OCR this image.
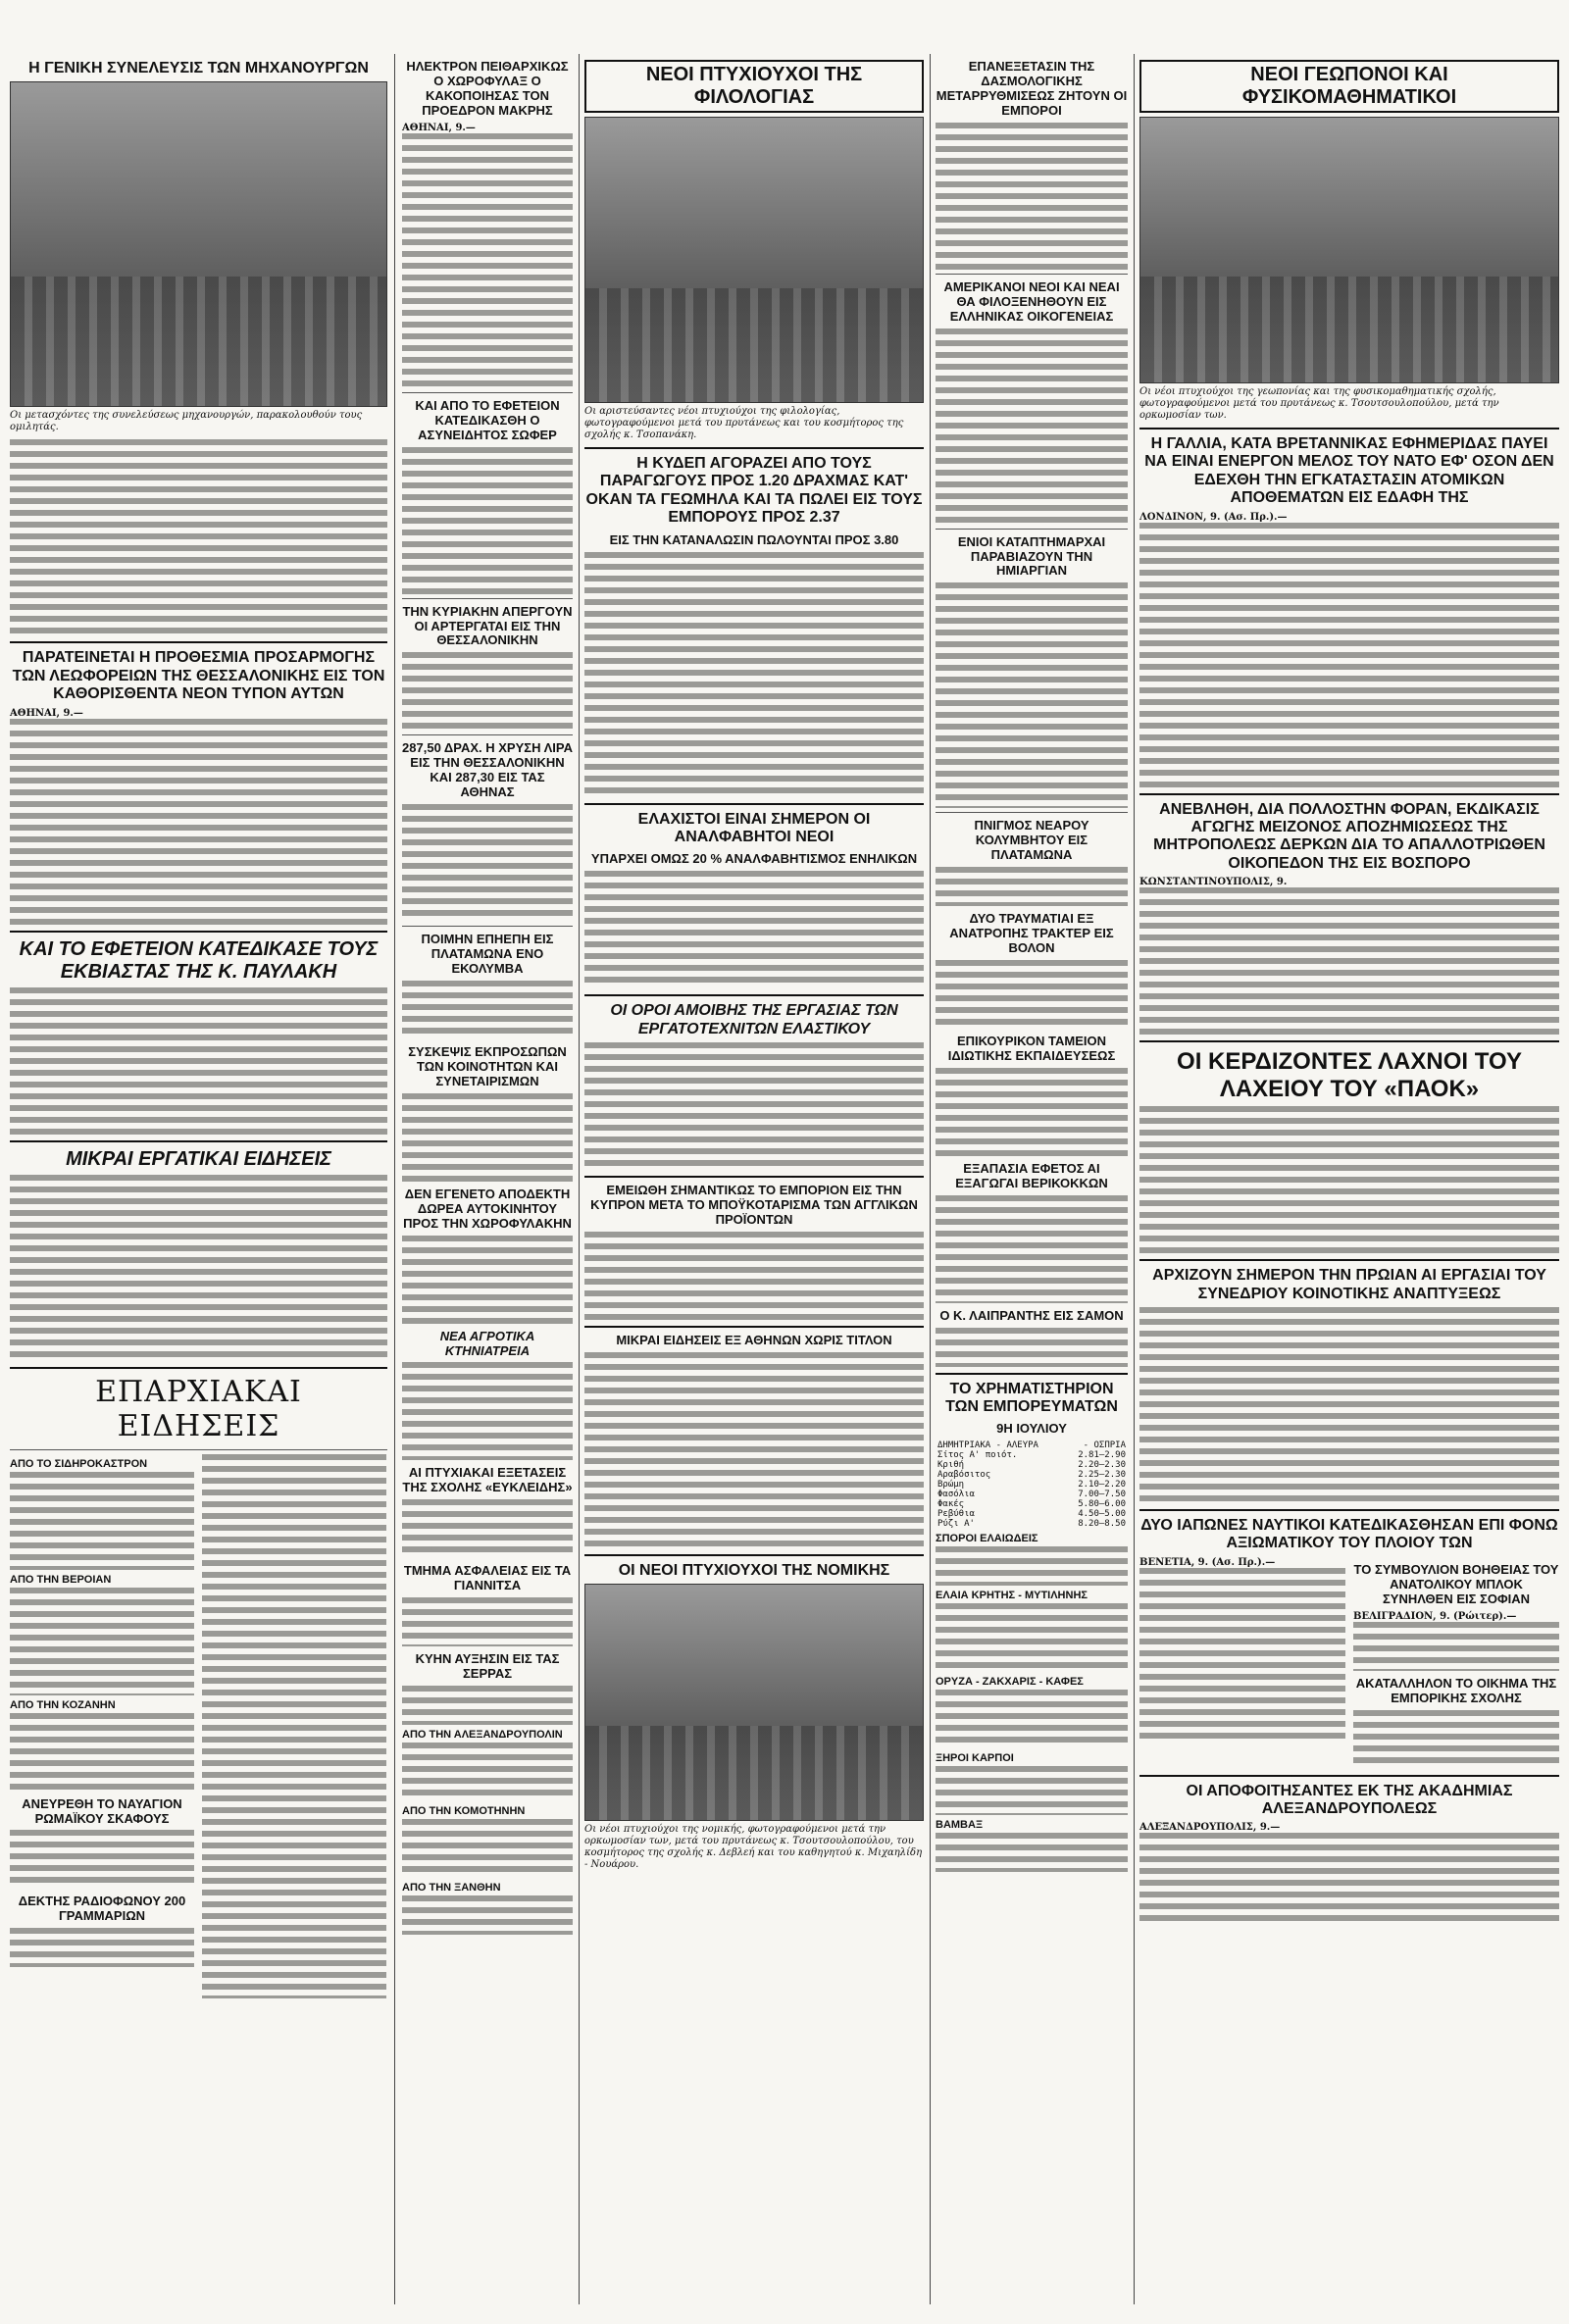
Η ΓΕΝΙΚΗ ΣΥΝΕΛΕΥΣΙΣ ΤΩΝ ΜΗΧΑΝΟΥΡΓΩΝ
Οι μετασχόντες της συνελεύσεως μηχανουργών, παρακολουθούν τους ομιλητάς.
ΠΑΡΑΤΕΙΝΕΤΑΙ Η ΠΡΟΘΕΣΜΙΑ ΠΡΟΣΑΡΜΟΓΗΣ ΤΩΝ ΛΕΩΦΟΡΕΙΩΝ ΤΗΣ ΘΕΣΣΑΛΟΝΙΚΗΣ ΕΙΣ ΤΟΝ ΚΑΘΟΡΙΣΘΕΝΤΑ ΝΕΟΝ ΤΥΠΟΝ ΑΥΤΩΝ
ΑΘΗΝΑΙ, 9.—
ΚΑΙ ΤΟ ΕΦΕΤΕΙΟΝ ΚΑΤΕΔΙΚΑΣΕ ΤΟΥΣ ΕΚΒΙΑΣΤΑΣ ΤΗΣ Κ. ΠΑΥΛΑΚΗ
ΜΙΚΡΑΙ ΕΡΓΑΤΙΚΑΙ ΕΙΔΗΣΕΙΣ
ΕΠΑΡΧΙΑΚΑΙ ΕΙΔΗΣΕΙΣ
ΑΠΟ ΤΟ ΣΙΔΗΡΟΚΑΣΤΡΟΝ
ΑΠΟ ΤΗΝ ΒΕΡΟΙΑΝ
ΑΠΟ ΤΗΝ ΚΟΖΑΝΗΝ
ΑΝΕΥΡΕΘΗ ΤΟ ΝΑΥΑΓΙΟΝ ΡΩΜΑΪΚΟΥ ΣΚΑΦΟΥΣ
ΔΕΚΤΗΣ ΡΑΔΙΟΦΩΝΟΥ 200 ΓΡΑΜΜΑΡΙΩΝ
ΗΛΕΚΤΡΟΝ ΠΕΙΘΑΡΧΙΚΩΣ Ο ΧΩΡΟΦΥΛΑΞ Ο ΚΑΚΟΠΟΙΗΣΑΣ ΤΟΝ ΠΡΟΕΔΡΟΝ ΜΑΚΡΗΣ
ΑΘΗΝΑΙ, 9.—
ΚΑΙ ΑΠΟ ΤΟ ΕΦΕΤΕΙΟΝ ΚΑΤΕΔΙΚΑΣΘΗ Ο ΑΣΥΝΕΙΔΗΤΟΣ ΣΩΦΕΡ
ΤΗΝ ΚΥΡΙΑΚΗΝ ΑΠΕΡΓΟΥΝ ΟΙ ΑΡΤΕΡΓΑΤΑΙ ΕΙΣ ΤΗΝ ΘΕΣΣΑΛΟΝΙΚΗΝ
287,50 ΔΡΑΧ. Η ΧΡΥΣΗ ΛΙΡΑ ΕΙΣ ΤΗΝ ΘΕΣΣΑΛΟΝΙΚΗΝ ΚΑΙ 287,30 ΕΙΣ ΤΑΣ ΑΘΗΝΑΣ
ΠΟΙΜΗΝ ΕΠΗΕΠΗ ΕΙΣ ΠΛΑΤΑΜΩΝΑ ΕΝΟ ΕΚΟΛΥΜΒΑ
ΣΥΣΚΕΨΙΣ ΕΚΠΡΟΣΩΠΩΝ ΤΩΝ ΚΟΙΝΟΤΗΤΩΝ ΚΑΙ ΣΥΝΕΤΑΙΡΙΣΜΩΝ
ΔΕΝ ΕΓΕΝΕΤΟ ΑΠΟΔΕΚΤΗ ΔΩΡΕΑ ΑΥΤΟΚΙΝΗΤΟΥ ΠΡΟΣ ΤΗΝ ΧΩΡΟΦΥΛΑΚΗΝ
ΝΕΑ ΑΓΡΟΤΙΚΑ ΚΤΗΝΙΑΤΡΕΙΑ
ΑΙ ΠΤΥΧΙΑΚΑΙ ΕΞΕΤΑΣΕΙΣ ΤΗΣ ΣΧΟΛΗΣ «ΕΥΚΛΕΙΔΗΣ»
ΤΜΗΜΑ ΑΣΦΑΛΕΙΑΣ ΕΙΣ ΤΑ ΓΙΑΝΝΙΤΣΑ
ΚΥΗΝ ΑΥΞΗΣΙΝ ΕΙΣ ΤΑΣ ΣΕΡΡΑΣ
ΑΠΟ ΤΗΝ ΑΛΕΞΑΝΔΡΟΥΠΟΛΙΝ
ΑΠΟ ΤΗΝ ΚΟΜΟΤΗΝΗΝ
ΑΠΟ ΤΗΝ ΞΑΝΘΗΝ
ΝΕΟΙ ΠΤΥΧΙΟΥΧΟΙ ΤΗΣ ΦΙΛΟΛΟΓΙΑΣ
Οι αριστεύσαντες νέοι πτυχιούχοι της φιλολογίας, φωτογραφούμενοι μετά του πρυτάνεως και του κοσμήτορος της σχολής κ. Τσοπανάκη.
Η ΚΥΔΕΠ ΑΓΟΡΑΖΕΙ ΑΠΟ ΤΟΥΣ ΠΑΡΑΓΩΓΟΥΣ ΠΡΟΣ 1.20 ΔΡΑΧΜΑΣ ΚΑΤ' ΟΚΑΝ ΤΑ ΓΕΩΜΗΛΑ ΚΑΙ ΤΑ ΠΩΛΕΙ ΕΙΣ ΤΟΥΣ ΕΜΠΟΡΟΥΣ ΠΡΟΣ 2.37
ΕΙΣ ΤΗΝ ΚΑΤΑΝΑΛΩΣΙΝ ΠΩΛΟΥΝΤΑΙ ΠΡΟΣ 3.80
ΕΛΑΧΙΣΤΟΙ ΕΙΝΑΙ ΣΗΜΕΡΟΝ ΟΙ ΑΝΑΛΦΑΒΗΤΟΙ ΝΕΟΙ
ΥΠΑΡΧΕΙ ΟΜΩΣ 20 % ΑΝΑΛΦΑΒΗΤΙΣΜΟΣ ΕΝΗΛΙΚΩΝ
ΟΙ ΟΡΟΙ ΑΜΟΙΒΗΣ ΤΗΣ ΕΡΓΑΣΙΑΣ ΤΩΝ ΕΡΓΑΤΟΤΕΧΝΙΤΩΝ ΕΛΑΣΤΙΚΟΥ
ΕΜΕΙΩΘΗ ΣΗΜΑΝΤΙΚΩΣ ΤΟ ΕΜΠΟΡΙΟΝ ΕΙΣ ΤΗΝ ΚΥΠΡΟΝ ΜΕΤΑ ΤΟ ΜΠΟΫΚΟΤΑΡΙΣΜΑ ΤΩΝ ΑΓΓΛΙΚΩΝ ΠΡΟΪΟΝΤΩΝ
ΜΙΚΡΑΙ ΕΙΔΗΣΕΙΣ ΕΞ ΑΘΗΝΩΝ ΧΩΡΙΣ ΤΙΤΛΟΝ
ΟΙ ΝΕΟΙ ΠΤΥΧΙΟΥΧΟΙ ΤΗΣ ΝΟΜΙΚΗΣ
Οι νέοι πτυχιούχοι της νομικής, φωτογραφούμενοι μετά την ορκωμοσίαν των, μετά του πρυτάνεως κ. Τσουτσουλοπούλου, του κοσμήτορος της σχολής κ. Δεβλεή και του καθηγητού κ. Μιχαηλίδη - Νουάρου.
ΕΠΑΝΕΞΕΤΑΣΙΝ ΤΗΣ ΔΑΣΜΟΛΟΓΙΚΗΣ ΜΕΤΑΡΡΥΘΜΙΣΕΩΣ ΖΗΤΟΥΝ ΟΙ ΕΜΠΟΡΟΙ
ΑΜΕΡΙΚΑΝΟΙ ΝΕΟΙ ΚΑΙ ΝΕΑΙ ΘΑ ΦΙΛΟΞΕΝΗΘΟΥΝ ΕΙΣ ΕΛΛΗΝΙΚΑΣ ΟΙΚΟΓΕΝΕΙΑΣ
ΕΝΙΟΙ ΚΑΤΑΠΤΗΜΑΡΧΑΙ ΠΑΡΑΒΙΑΖΟΥΝ ΤΗΝ ΗΜΙΑΡΓΙΑΝ
ΠΝΙΓΜΟΣ ΝΕΑΡΟΥ ΚΟΛΥΜΒΗΤΟΥ ΕΙΣ ΠΛΑΤΑΜΩΝΑ
ΔΥΟ ΤΡΑΥΜΑΤΙΑΙ ΕΞ ΑΝΑΤΡΟΠΗΣ ΤΡΑΚΤΕΡ ΕΙΣ ΒΟΛΟΝ
ΕΠΙΚΟΥΡΙΚΟΝ ΤΑΜΕΙΟΝ ΙΔΙΩΤΙΚΗΣ ΕΚΠΑΙΔΕΥΣΕΩΣ
ΕΞΑΠΑΣΙΑ ΕΦΕΤΟΣ ΑΙ ΕΞΑΓΩΓΑΙ ΒΕΡΙΚΟΚΚΩΝ
Ο Κ. ΛΑΙΠΡΑΝΤΗΣ ΕΙΣ ΣΑΜΟΝ
ΤΟ ΧΡΗΜΑΤΙΣΤΗΡΙΟΝ ΤΩΝ ΕΜΠΟΡΕΥΜΑΤΩΝ
9Η ΙΟΥΛΙΟΥ
ΔΗΜΗΤΡΙΑΚΑ - ΑΛΕΥΡΑ	- ΟΣΠΡΙΑ
Σίτος Α' ποιότ.	2.81—2.90
Κριθή	2.20—2.30
Αραβόσιτος	2.25—2.30
Βρώμη	2.10—2.20
Φασόλια	7.00—7.50
Φακές	5.80—6.00
Ρεβύθια	4.50—5.00
Ρύζι Α'	8.20—8.50
ΣΠΟΡΟΙ ΕΛΑΙΩΔΕΙΣ
ΕΛΑΙΑ ΚΡΗΤΗΣ - ΜΥΤΙΛΗΝΗΣ
ΟΡΥΖΑ - ΖΑΚΧΑΡΙΣ - ΚΑΦΕΣ
ΞΗΡΟΙ ΚΑΡΠΟΙ
ΒΑΜΒΑΞ
ΝΕΟΙ ΓΕΩΠΟΝΟΙ ΚΑΙ ΦΥΣΙΚΟΜΑΘΗΜΑΤΙΚΟΙ
Οι νέοι πτυχιούχοι της γεωπονίας και της φυσικομαθηματικής σχολής, φωτογραφούμενοι μετά του πρυτάνεως κ. Τσουτσουλοπούλου, μετά την ορκωμοσίαν των.
Η ΓΑΛΛΙΑ, ΚΑΤΑ ΒΡΕΤΑΝΝΙΚΑΣ ΕΦΗΜΕΡΙΔΑΣ ΠΑΥΕΙ ΝΑ ΕΙΝΑΙ ΕΝΕΡΓΟΝ ΜΕΛΟΣ ΤΟΥ ΝΑΤΟ ΕΦ' ΟΣΟΝ ΔΕΝ ΕΔΕΧΘΗ ΤΗΝ ΕΓΚΑΤΑΣΤΑΣΙΝ ΑΤΟΜΙΚΩΝ ΑΠΟΘΕΜΑΤΩΝ ΕΙΣ ΕΔΑΦΗ ΤΗΣ
ΛΟΝΔΙΝΟΝ, 9. (Ασ. Πρ.).—
ΑΝΕΒΛΗΘΗ, ΔΙΑ ΠΟΛΛΟΣΤΗΝ ΦΟΡΑΝ, ΕΚΔΙΚΑΣΙΣ ΑΓΩΓΗΣ ΜΕΙΖΟΝΟΣ ΑΠΟΖΗΜΙΩΣΕΩΣ ΤΗΣ ΜΗΤΡΟΠΟΛΕΩΣ ΔΕΡΚΩΝ ΔΙΑ ΤΟ ΑΠΑΛΛΟΤΡΙΩΘΕΝ ΟΙΚΟΠΕΔΟΝ ΤΗΣ ΕΙΣ ΒΟΣΠΟΡΟ
ΚΩΝΣΤΑΝΤΙΝΟΥΠΟΛΙΣ, 9.
ΟΙ ΚΕΡΔΙΖΟΝΤΕΣ ΛΑΧΝΟΙ ΤΟΥ ΛΑΧΕΙΟΥ ΤΟΥ «ΠΑΟΚ»
ΑΡΧΙΖΟΥΝ ΣΗΜΕΡΟΝ ΤΗΝ ΠΡΩΙΑΝ ΑΙ ΕΡΓΑΣΙΑΙ ΤΟΥ ΣΥΝΕΔΡΙΟΥ ΚΟΙΝΟΤΙΚΗΣ ΑΝΑΠΤΥΞΕΩΣ
ΔΥΟ ΙΑΠΩΝΕΣ ΝΑΥΤΙΚΟΙ ΚΑΤΕΔΙΚΑΣΘΗΣΑΝ ΕΠΙ ΦΟΝΩ ΑΞΙΩΜΑΤΙΚΟΥ ΤΟΥ ΠΛΟΙΟΥ ΤΩΝ
ΒΕΝΕΤΙΑ, 9. (Ασ. Πρ.).—	ΤΟ ΣΥΜΒΟΥΛΙΟΝ ΒΟΗΘΕΙΑΣ ΤΟΥ ΑΝΑΤΟΛΙΚΟΥ ΜΠΛΟΚ ΣΥΝΗΛΘΕΝ ΕΙΣ ΣΟΦΙΑΝ
ΒΕΛΙΓΡΑΔΙΟΝ, 9. (Ρώιτερ).—
ΑΚΑΤΑΛΛΗΛΟΝ ΤΟ ΟΙΚΗΜΑ ΤΗΣ ΕΜΠΟΡΙΚΗΣ ΣΧΟΛΗΣ
ΟΙ ΑΠΟΦΟΙΤΗΣΑΝΤΕΣ ΕΚ ΤΗΣ ΑΚΑΔΗΜΙΑΣ ΑΛΕΞΑΝΔΡΟΥΠΟΛΕΩΣ
ΑΛΕΞΑΝΔΡΟΥΠΟΛΙΣ, 9.—
